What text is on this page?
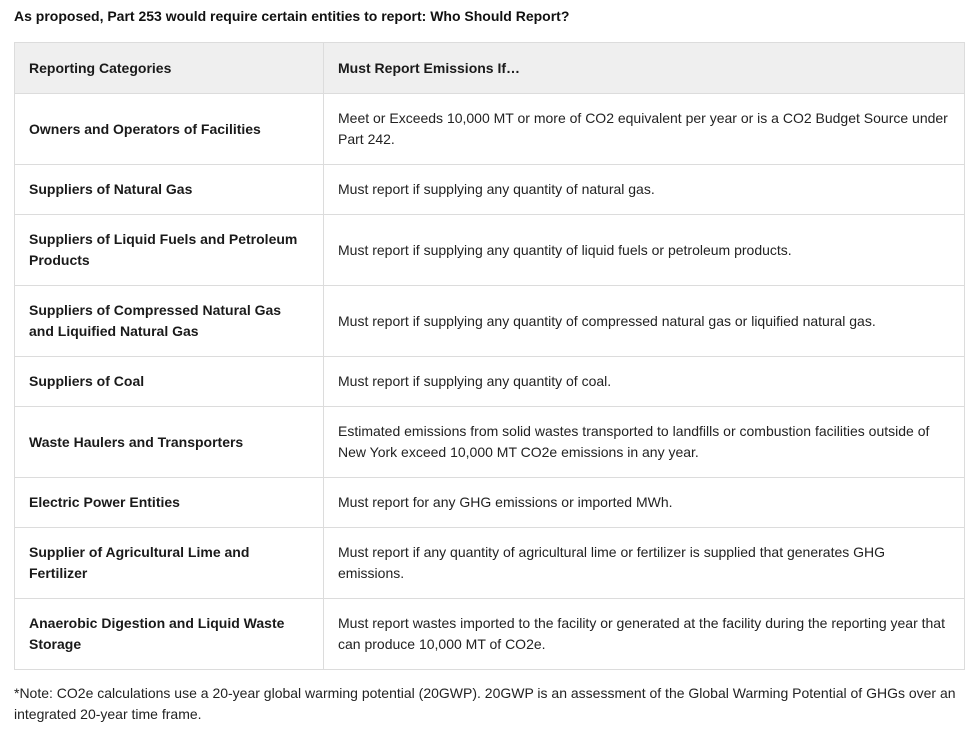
As proposed, Part 253 would require certain entities to report: Who Should Report?

Reporting Categories	Must Report Emissions If…
Owners and Operators of Facilities	Meet or Exceeds 10,000 MT or more of CO2 equivalent per year or is a CO2 Budget Source under Part 242.
Suppliers of Natural Gas	Must report if supplying any quantity of natural gas.
Suppliers of Liquid Fuels and Petroleum Products	Must report if supplying any quantity of liquid fuels or petroleum products.
Suppliers of Compressed Natural Gas and Liquified Natural Gas	Must report if supplying any quantity of compressed natural gas or liquified natural gas.
Suppliers of Coal	Must report if supplying any quantity of coal.
Waste Haulers and Transporters	Estimated emissions from solid wastes transported to landfills or combustion facilities outside of New York exceed 10,000 MT CO2e emissions in any year.
Electric Power Entities	Must report for any GHG emissions or imported MWh.
Supplier of Agricultural Lime and Fertilizer	Must report if any quantity of agricultural lime or fertilizer is supplied that generates GHG emissions.
Anaerobic Digestion and Liquid Waste Storage	Must report wastes imported to the facility or generated at the facility during the reporting year that can produce 10,000 MT of CO2e.

*Note: CO2e calculations use a 20-year global warming potential (20GWP). 20GWP is an assessment of the Global Warming Potential of GHGs over an integrated 20-year time frame.
